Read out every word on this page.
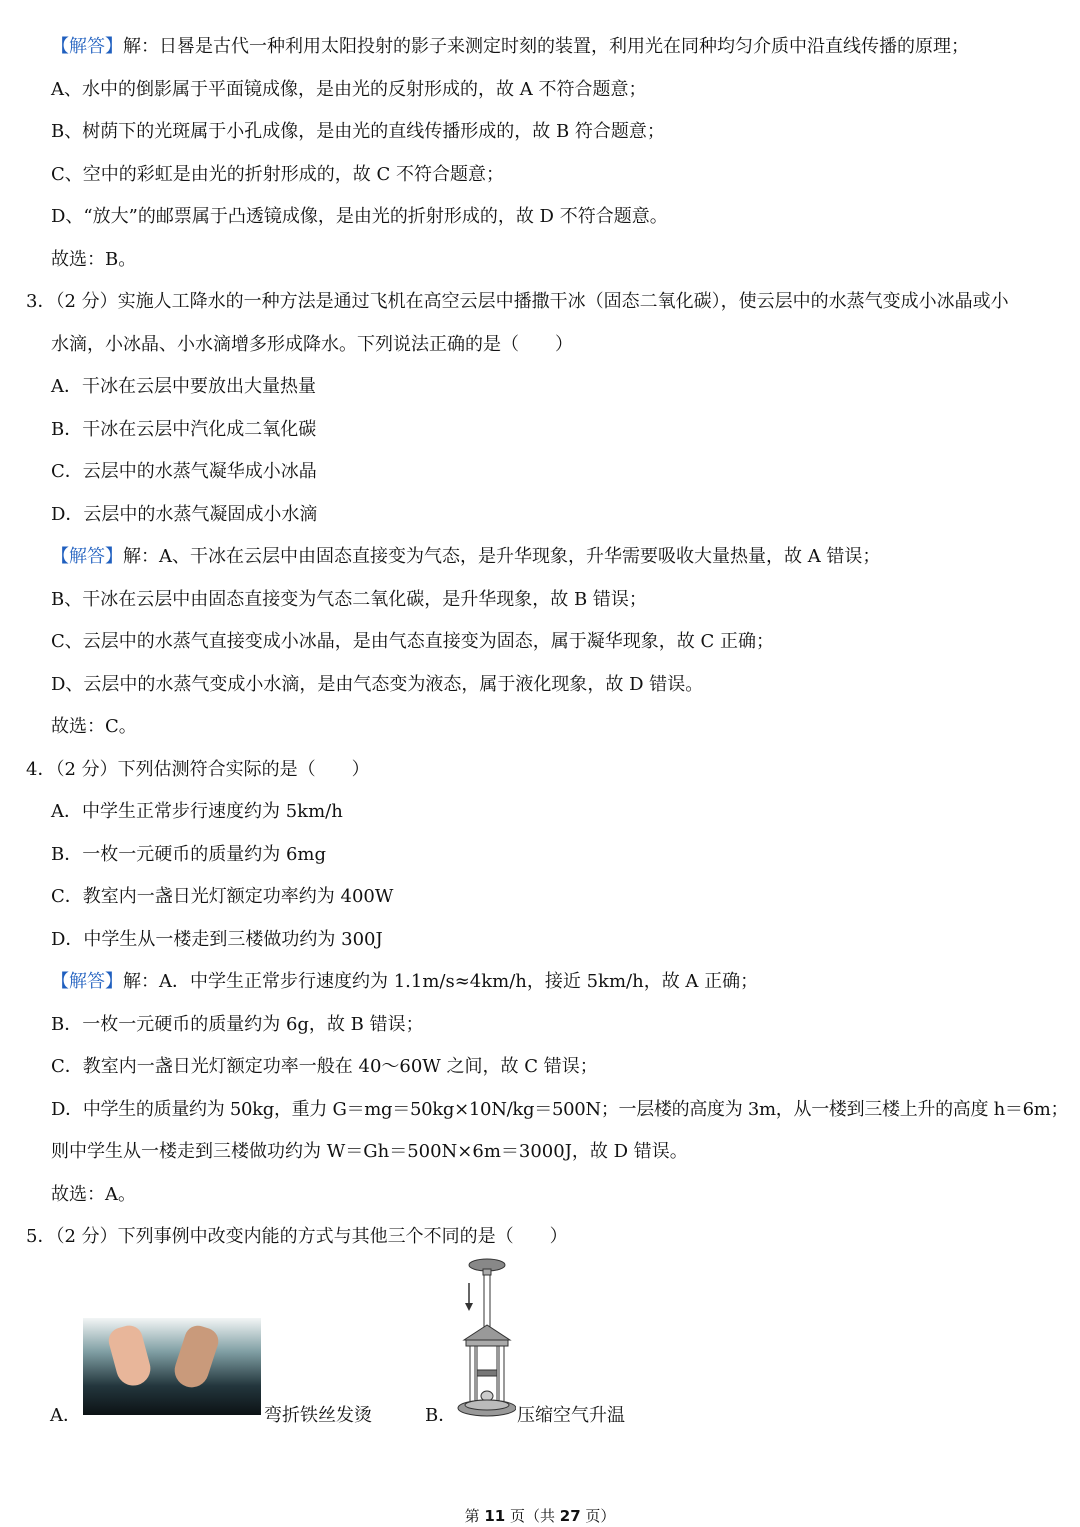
【解答】解：日晷是古代一种利用太阳投射的影子来测定时刻的装置，利用光在同种均匀介质中沿直线传播的原理；
A、水中的倒影属于平面镜成像，是由光的反射形成的，故 A 不符合题意；
B、树荫下的光斑属于小孔成像，是由光的直线传播形成的，故 B 符合题意；
C、空中的彩虹是由光的折射形成的，故 C 不符合题意；
D、“放大”的邮票属于凸透镜成像，是由光的折射形成的，故 D 不符合题意。
故选：B。
3．（2 分）实施人工降水的一种方法是通过飞机在高空云层中播撒干冰（固态二氧化碳），使云层中的水蒸气变成小冰晶或小
水滴，小冰晶、小水滴增多形成降水。下列说法正确的是（　　）
A．干冰在云层中要放出大量热量
B．干冰在云层中汽化成二氧化碳
C．云层中的水蒸气凝华成小冰晶
D．云层中的水蒸气凝固成小水滴
【解答】解：A、干冰在云层中由固态直接变为气态，是升华现象，升华需要吸收大量热量，故 A 错误；
B、干冰在云层中由固态直接变为气态二氧化碳，是升华现象，故 B 错误；
C、云层中的水蒸气直接变成小冰晶，是由气态直接变为固态，属于凝华现象，故 C 正确；
D、云层中的水蒸气变成小水滴，是由气态变为液态，属于液化现象，故 D 错误。
故选：C。
4．（2 分）下列估测符合实际的是（　　）
A．中学生正常步行速度约为 5km/h
B．一枚一元硬币的质量约为 6mg
C．教室内一盏日光灯额定功率约为 400W
D．中学生从一楼走到三楼做功约为 300J
【解答】解：A．中学生正常步行速度约为 1.1m/s≈4km/h，接近 5km/h，故 A 正确；
B．一枚一元硬币的质量约为 6g，故 B 错误；
C．教室内一盏日光灯额定功率一般在 40～60W 之间，故 C 错误；
D．中学生的质量约为 50kg，重力 G＝mg＝50kg×10N/kg＝500N；一层楼的高度为 3m，从一楼到三楼上升的高度 h＝6m；
则中学生从一楼走到三楼做功约为 W＝Gh＝500N×6m＝3000J，故 D 错误。
故选：A。
5．（2 分）下列事例中改变内能的方式与其他三个不同的是（　　）
A．	弯折铁丝发烫	B．	压缩空气升温
第 11 页（共 27 页）
